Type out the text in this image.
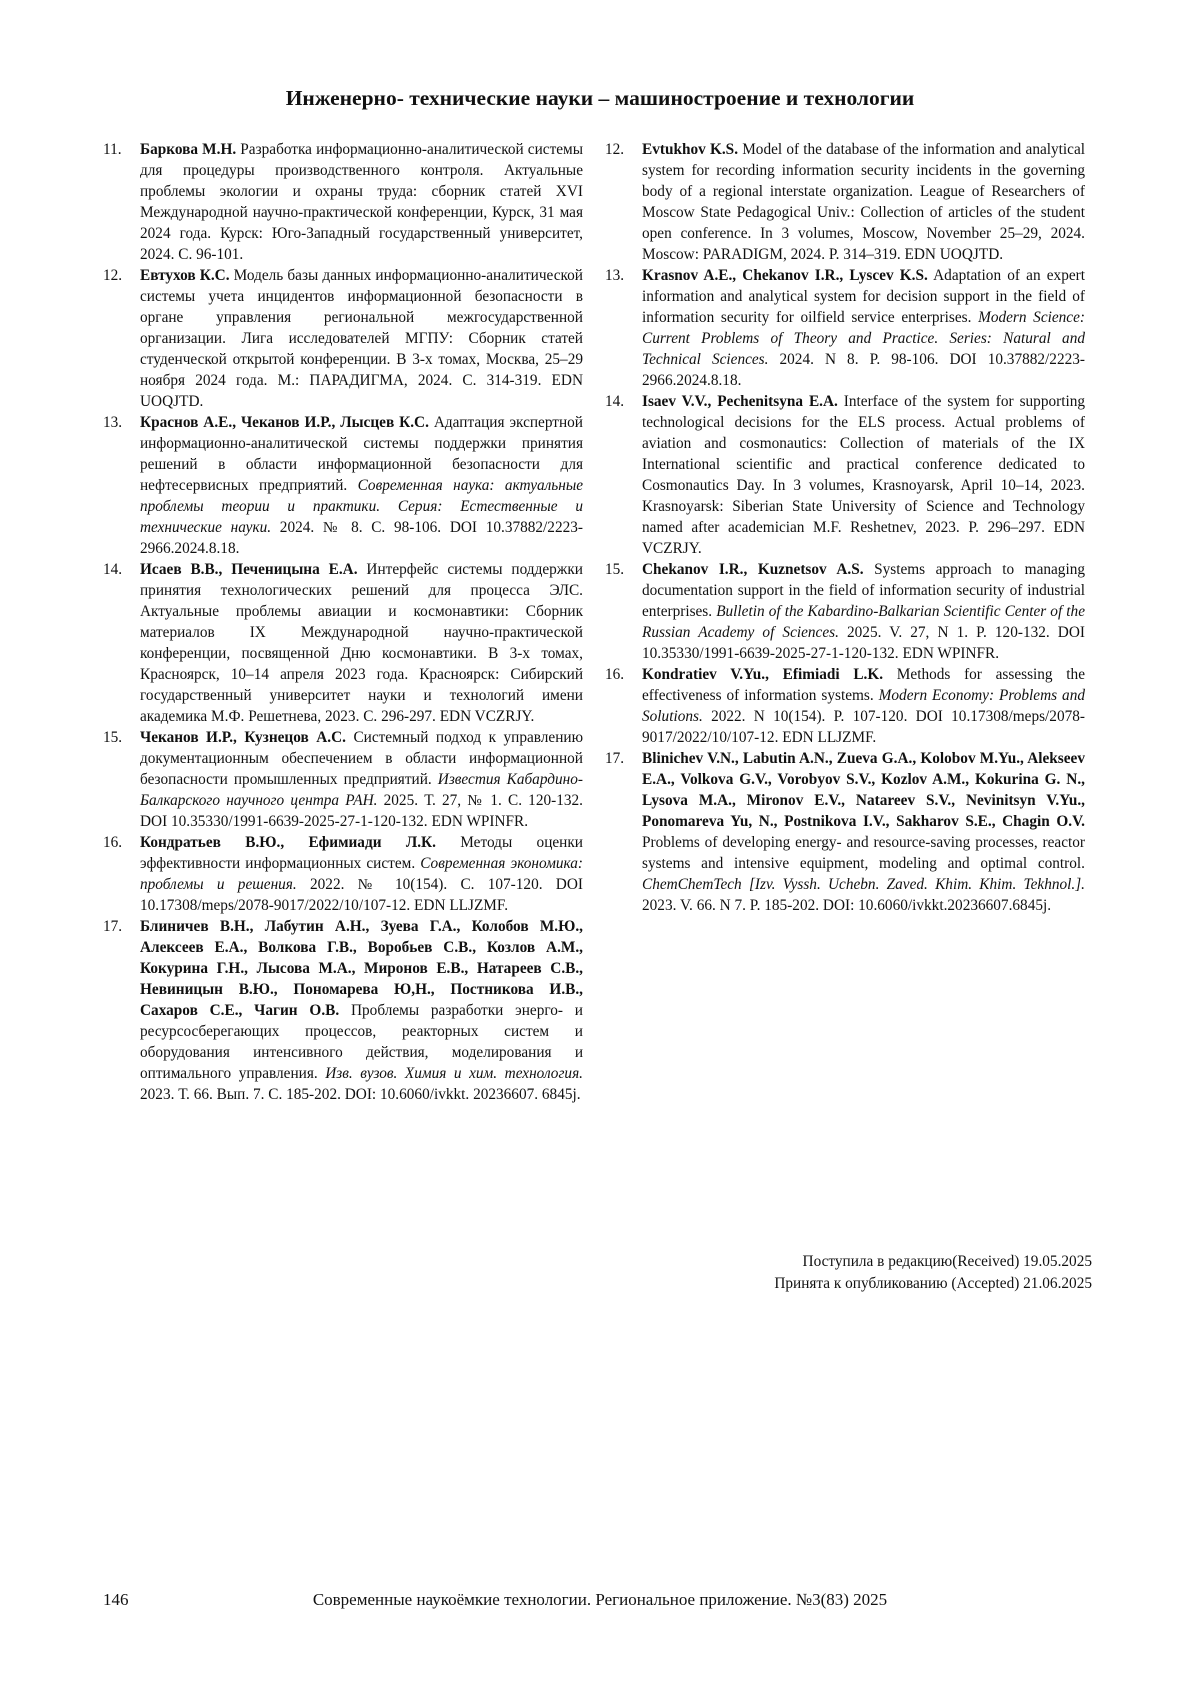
Инженерно- технические науки – машиностроение и технологии
11.	Баркова М.Н. Разработка информационно-аналитической системы для процедуры производственного контроля. Актуальные проблемы экологии и охраны труда: сборник статей XVI Международной научно-практической конференции, Курск, 31 мая 2024 года. Курск: Юго-Западный государственный университет, 2024. С. 96-101.
12.	Евтухов К.С. Модель базы данных информационно-аналитической системы учета инцидентов информационной безопасности в органе управления региональной межгосударственной организации. Лига исследователей МГПУ: Сборник статей студенческой открытой конференции. В 3-х томах, Москва, 25–29 ноября 2024 года. М.: ПАРАДИГМА, 2024. С. 314-319. EDN UOQJTD.
13.	Краснов А.Е., Чеканов И.Р., Лысцев К.С. Адаптация экспертной информационно-аналитической системы поддержки принятия решений в области информационной безопасности для нефтесервисных предприятий. Современная наука: актуальные проблемы теории и практики. Серия: Естественные и технические науки. 2024. № 8. С. 98-106. DOI 10.37882/2223-2966.2024.8.18.
14.	Исаев В.В., Печеницына Е.А. Интерфейс системы поддержки принятия технологических решений для процесса ЭЛС. Актуальные проблемы авиации и космонавтики: Сборник материалов IX Международной научно-практической конференции, посвященной Дню космонавтики. В 3-х томах, Красноярск, 10–14 апреля 2023 года. Красноярск: Сибирский государственный университет науки и технологий имени академика М.Ф. Решетнева, 2023. С. 296-297. EDN VCZRJY.
15.	Чеканов И.Р., Кузнецов А.С. Системный подход к управлению документационным обеспечением в области информационной безопасности промышленных предприятий. Известия Кабардино-Балкарского научного центра РАН. 2025. Т. 27, № 1. С. 120-132. DOI 10.35330/1991-6639-2025-27-1-120-132. EDN WPINFR.
16.	Кондратьев В.Ю., Ефимиади Л.К. Методы оценки эффективности информационных систем. Современная экономика: проблемы и решения. 2022. № 10(154). С. 107-120. DOI 10.17308/meps/2078-9017/2022/10/107-12. EDN LLJZMF.
17.	Блиничев В.Н., Лабутин А.Н., Зуева Г.А., Колобов М.Ю., Алексеев Е.А., Волкова Г.В., Воробьев С.В., Козлов А.М., Кокурина Г.Н., Лысова М.А., Миронов Е.В., Натареев С.В., Невиницын В.Ю., Пономарева Ю,Н., Постникова И.В., Сахаров С.Е., Чагин О.В. Проблемы разработки энерго- и ресурсосберегающих процессов, реакторных систем и оборудования интенсивного действия, моделирования и оптимального управления. Изв. вузов. Химия и хим. технология. 2023. Т. 66. Вып. 7. С. 185-202. DOI: 10.6060/ivkkt. 20236607. 6845j.
12.	Evtukhov K.S. Model of the database of the information and analytical system for recording information security incidents in the governing body of a regional interstate organization. League of Researchers of Moscow State Pedagogical Univ.: Collection of articles of the student open conference. In 3 volumes, Moscow, November 25–29, 2024. Moscow: PARADIGM, 2024. P. 314–319. EDN UOQJTD.
13.	Krasnov A.E., Chekanov I.R., Lyscev K.S. Adaptation of an expert information and analytical system for decision support in the field of information security for oilfield service enterprises. Modern Science: Current Problems of Theory and Practice. Series: Natural and Technical Sciences. 2024. N 8. P. 98-106. DOI 10.37882/2223-2966.2024.8.18.
14.	Isaev V.V., Pechenitsyna E.A. Interface of the system for supporting technological decisions for the ELS process. Actual problems of aviation and cosmonautics: Collection of materials of the IX International scientific and practical conference dedicated to Cosmonautics Day. In 3 volumes, Krasnoyarsk, April 10–14, 2023. Krasnoyarsk: Siberian State University of Science and Technology named after academician M.F. Reshetnev, 2023. P. 296–297. EDN VCZRJY.
15.	Chekanov I.R., Kuznetsov A.S. Systems approach to managing documentation support in the field of information security of industrial enterprises. Bulletin of the Kabardino-Balkarian Scientific Center of the Russian Academy of Sciences. 2025. V. 27, N 1. P. 120-132. DOI 10.35330/1991-6639-2025-27-1-120-132. EDN WPINFR.
16.	Kondratiev V.Yu., Efimiadi L.K. Methods for assessing the effectiveness of information systems. Modern Economy: Problems and Solutions. 2022. N 10(154). P. 107-120. DOI 10.17308/meps/2078-9017/2022/10/107-12. EDN LLJZMF.
17.	Blinichev V.N., Labutin A.N., Zueva G.A., Kolobov M.Yu., Alekseev E.A., Volkova G.V., Vorobyov S.V., Kozlov A.M., Kokurina G. N., Lysova M.A., Mironov E.V., Natareev S.V., Nevinitsyn V.Yu., Ponomareva Yu, N., Postnikova I.V., Sakharov S.E., Chagin O.V. Problems of developing energy- and resource-saving processes, reactor systems and intensive equipment, modeling and optimal control. ChemChemTech [Izv. Vyssh. Uchebn. Zaved. Khim. Khim. Tekhnol.]. 2023. V. 66. N 7. P. 185-202. DOI: 10.6060/ivkkt.20236607.6845j.
Поступила в редакцию(Received) 19.05.2025
Принята к опубликованию (Accepted) 21.06.2025
Современные наукоёмкие технологии. Региональное приложение. №3(83) 2025
146
